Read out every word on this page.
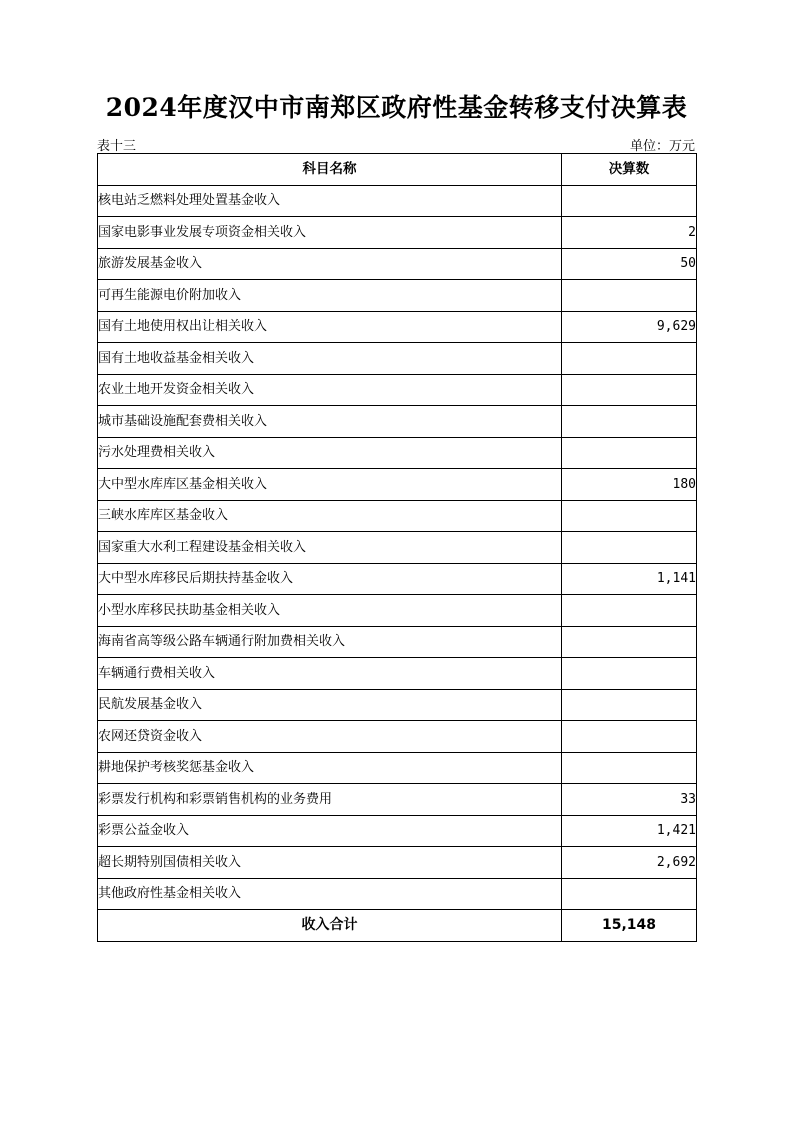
2024年度汉中市南郑区政府性基金转移支付决算表
表十三	单位：万元
科目名称	决算数
核电站乏燃料处理处置基金收入	
国家电影事业发展专项资金相关收入	2
旅游发展基金收入	50
可再生能源电价附加收入	
国有土地使用权出让相关收入	9,629
国有土地收益基金相关收入	
农业土地开发资金相关收入	
城市基础设施配套费相关收入	
污水处理费相关收入	
大中型水库库区基金相关收入	180
三峡水库库区基金收入	
国家重大水利工程建设基金相关收入	
大中型水库移民后期扶持基金收入	1,141
小型水库移民扶助基金相关收入	
海南省高等级公路车辆通行附加费相关收入	
车辆通行费相关收入	
民航发展基金收入	
农网还贷资金收入	
耕地保护考核奖惩基金收入	
彩票发行机构和彩票销售机构的业务费用	33
彩票公益金收入	1,421
超长期特别国债相关收入	2,692
其他政府性基金相关收入	
收入合计	15,148
